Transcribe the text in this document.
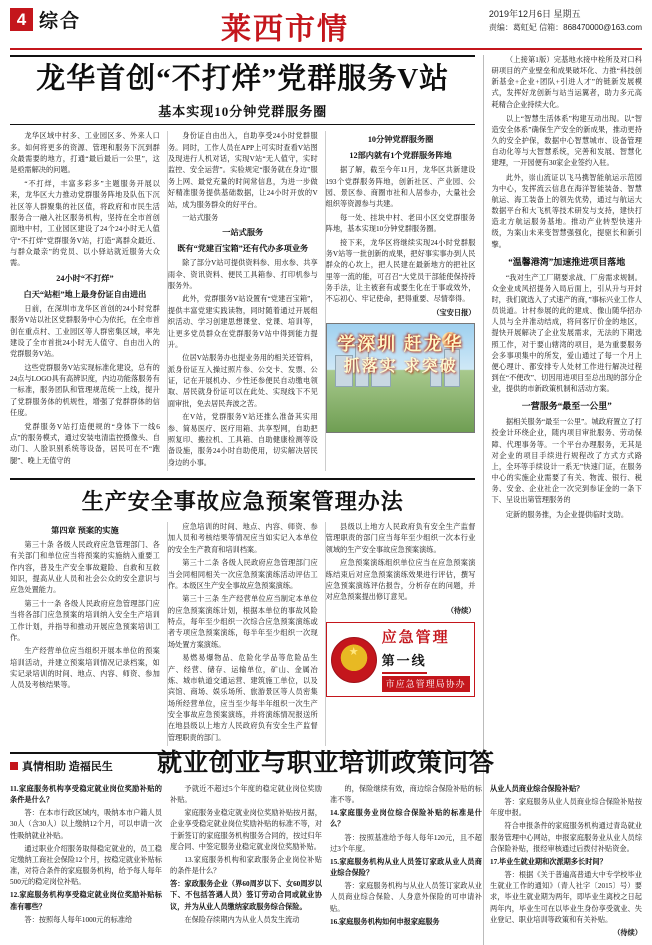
4 综合	莱西市情	2019年12月6日 星期五
责编：葛虹妃 信箱：868470000@163.com
龙华首创“不打烊”党群服务V站
基本实现10分钟党群服务圈

龙华区域中村多、工业园区多、外来人口多。如何将更多的资源、管理和服务下沉到群众最需要的地方，打通“最后最后一公里”，这是亟需解决的问题。

“不打烊，丰富多彩多”主题服务开展以来，龙华区大力推动党群服务阵地及队伍下沉社区等人群聚集的社区值，将政府和市民生活服务合一融入社区服务机构，坚持在全市首创面地中村，工业园区建设了24个24小时无人值守“不打烊”党群服务V站，打造“离群众最近、与群众最亲”的党员、以小驿站就近服务大众需。

24小时“不打烊”
白天“站柜”地上最身份证自由进出

日前，在深圳市龙华区首创的24小时党群服务V站以社区党群服务中心为依托，在全市首创在重点村、工业园区等人群密集区域，率先建设了全市首批24小时无人值守、自由出入的党群服务V站。

这些党群服务V站实现标准化建设，总有的24点与LOGO具有高辨识度，内边功能落服务有一标准，服务团队和管理规范统一上线，提升了党群服务体的机规性，增强了党群群体的信任度。

党群服务V站打造便规的“身体下一线6点”的服务模式，通过安装电清监控摄像头、自动门、人脸识别系统等设备，居民可在不“跑腿”、晚上无值守的

身份证自由出入，自助享受24小时党群服务。同时，工作人员在APP上可实时查看V站图及现进行人机对话，实现V站“无人值守，实时监控、安全运营”。实验规定“服务就在身边”服务上网、最党充量的时间常信息，为进一步做好精准服务提供基础数据，让24小时开放的V站，成为服务群众的好平台。

一站式服务

一站式服务
既有“党建百宝箱”还有代办多项业务

除了部分V站可提供资料参、用水参、共享雨伞、资讯资料、便民工具箱参、打印机参与服务外。

此外，党群服务V站设置有“党建百宝箱”，提供丰富党建实践读物，同时随着通过开展组织活动、学习创建思想课堂、党课、培训等，让更多党员群众在党群服务V站中得到能力提升。

位居V站服务办也提业务用的相关还管料，派身份证互入操过照片参、公交卡、发票、公证，记在开展机办、少性还参便民自动缴电领取、居民就身份证可以在此处、实现线下不见面审批，免去居民奔波之苦。

在V站，党群服务V站还推么准备其实用参、简易医疗、医疗用箱、共享型网，自助把照复印、搬拉机、工具箱、自助健康检测等设备设施，服务24小时自助使用，切实解决居民身边的小事。

10分钟党群服务圈
12部内就有1个党群服务阵地

据了解，截至今年11月，龙华区共新建设193个党群服务阵地，创新社区、产业园、公园、景区参、商圈市社和人居参办，大量社会组织等资源参与共建。

每一处、挂块中村、老田小区交党群服务阵地，基本实现10分钟党群服务圈。

接下来，龙华区将继续实现24小时党群服务V站等一批创新的成果，把好事实事办到人民群众的心坎上，把人民建在最新地方的把社区里等一流的能，可召召“大党员干部能使保持持务手法，让主被套有或要生化在于事或效外，不忘初心、牢记使命，把得重要、尽情奉得。

（宝安日报）

学深圳 赶龙华
抓落实 求突破
生产安全事故应急预案管理办法
第四章 预案的实施

第三十条 各级人民政府应急管理部门、各有关部门和单位应当将预案的实施纳入重要工作内容，普及生产安全事故避险、自救和互救知识，提高从业人员和社会公众的安全意识与应急处置能力。

第三十一条 各级人民政府应急管理部门应当将各部门应急预案的培训纳入安全生产培训工作计划，并指导和推动开展应急预案培训工作。

生产经营单位应当组织开展本单位的预案培训活动，并建立预案培训情况记录档案，如实记录培训的时间、地点、内容、师资、参加人员及考核结果等。

应急培训的时间、地点、内容、师资、参加人员和考核结果等情况应当如实记入本单位的安全生产教育和培训档案。

第三十二条 各级人民政府应急管理部门应当会同相同相关一次应急预案演练活动评估工作。本级区生产安全事故应急预案演练。

第三十三条 生产经营单位应当制定本单位的应急预案演练计划，根据本单位的事故风险特点，每年至少组织一次综合应急预案演练或者专项应急预案演练，每半年至少组织一次现场处置方案演练。

易燃易爆物品、危险化学品等危险品生产、经营、储存、运输单位，矿山、金属冶炼、城市轨道交通运营、建筑施工单位，以及宾馆、商场、娱乐场所、旅游景区等人员密集场所经营单位，应当至少每半年组织一次生产安全事故应急预案演练，并将演练情况报送所在地县级以上地方人民政府负有安全生产监督管理职责的部门。

县级以上地方人民政府负有安全生产监督管理职责的部门应当每年至少组织一次本行业领域的生产安全事故应急预案演练。

应急预案演练组织单位应当在应急预案演练结束后对应急预案演练效果进行评估，撰写应急预案演练评估报告，分析存在的问题，并对应急预案提出修订意见。

（待续）

★
应急管理
第一线 市应急管理局协办
真情相助 造福民生

（上接第1版）完基地水接中栓所及对口科研项目的产业壁垒和成果破坏化、力推“科技创新基金+企业+团队+引进人才”的链新发展模式，发挥好龙创新与站当运翼者，助力多元高耗精合企业持续大化。

以上“智慧生活体系”构建互动出现。以“智造安全体系”确保生产安全的新成果，推动更持久的安全护保，数据中心智慧城市、设备管理自动化等与大智慧系统，完善和发展、智慧化建理，一开园便有30家企业签约入驻。

此外，崇山流证以飞马携智能航运示范园为中心，发挥流云信息在海洋智能装备、智慧航运、海工装备上的领先优势，通过与航运大数据平台和大飞机等技术研发与支持，建快打造北方航运服务基地。推动产业转型快速升级，为案山未来变智慧强强化，提驱长和新引擎。

“温馨港湾”加速推进项目落地

“我对生产工厂期要求战、厂房需求规制。众金业成风招提务入局后面上，引从升与开封时，我们就选入了式速产的商，”事标兴业工作人员说道。计村参展的此的建成、像山随华招办人员与全并准动结成，将问客厅价金的地区，提快开展解决了企业发展需求，无法的下期选照工作，对于要山辖湾的项目，是为重要服务会多事项集中的所发，爱山通过了每一个月上便心理计、都安排专人处材工作进行解决过程到在“不便改”、切因用进项目至总出现的部分企业，提供的市新政策机制和活动方案。

一营服务“最至一公里”

据相关服务“最至一公里”。城政府置立了打投金计环绕企业，随内项目审批服务、劳动保障、代理事务等。一个平台办理服务，无其是对企业的项目手续进行规程改了方式方式路上，全环等手续设计一系无”快速门证，在服务中心的实施企业需要了有关、物流、银行、税务、安金、企业社企一次完到参证金的一条下下、呈设出第管理服务的

定新的服务推，为企业提供临时支助。

就业创业与职业培训政策问答

11.家庭服务机构享受稳定就业岗位奖励补贴的条件是什么？

答：在本市行政区域内，吸纳本市户籍人员30人（含30人）以上缴纳12个月，可以申请一次性吸纳就业补贴。

通过职业介绍服务取得稳定就业的，员工稳定缴纳工商社会保险12个月，按稳定就业补贴标准，对符合条件的家庭服务机构，给予每人每年500元的稳定岗位补贴。

12.家庭服务机构享受稳定就业岗位奖励补贴标准有哪些？

答：按照每人每年1000元的标准给

予就近不超过5个年度的稳定就业岗位奖励补贴。

家庭服务业稳定就业岗位奖励补贴按月据，企业享受稳定就业岗位奖励补贴的标准不等，对于新签订的家庭服务机构服务合同的，按过归年度合同、中签定服务业稳定就业岗位奖励补贴。

13.家庭服务机构和家政服务企业岗位补贴的条件是什么？

答：家政服务企业（界60周岁以下、女60周岁以下、不包括答遇人员）签订劳动合同或就业协议，并为从业人员缴纳家政服务综合保险。

在保险存续期内为从业人员发生流动

的，保险继续有效，商边综合保险补贴的标准不等。

14.家庭服务业岗位综合保险补贴的标准是什么？

答：按照基准给予每人每年120元，且不超过3个年度。

15.家庭服务机构从业人员签订家政从业人员商业综合保险？

答：家庭服务机构与从业人员签订家政从业人员商业综合保险、人身意外保险的可申请补贴。

16.家庭服务机构如何申报家庭服务

从业人员商业综合保险补贴？

答：家庭服务从业人员商业综合保险补贴按年度申报。

符合申报条件的家庭服务机构通过青岛就业服务管理中心网站，申报家庭服务业从业人员综合保险补贴，报经审核通过后拨付补贴资金。

17.毕业生就业期和次派期多长时间？

答：根据《关于普遍高普通大中专学校毕业生就业工作的通知》（青人社字〔2015〕号）要求，毕业生就业期为两年，即毕业生离校之日起两年内，毕业生可在以毕业生身份享受就业、失业登记、职业培训等政策和有关补贴。

（待续）
